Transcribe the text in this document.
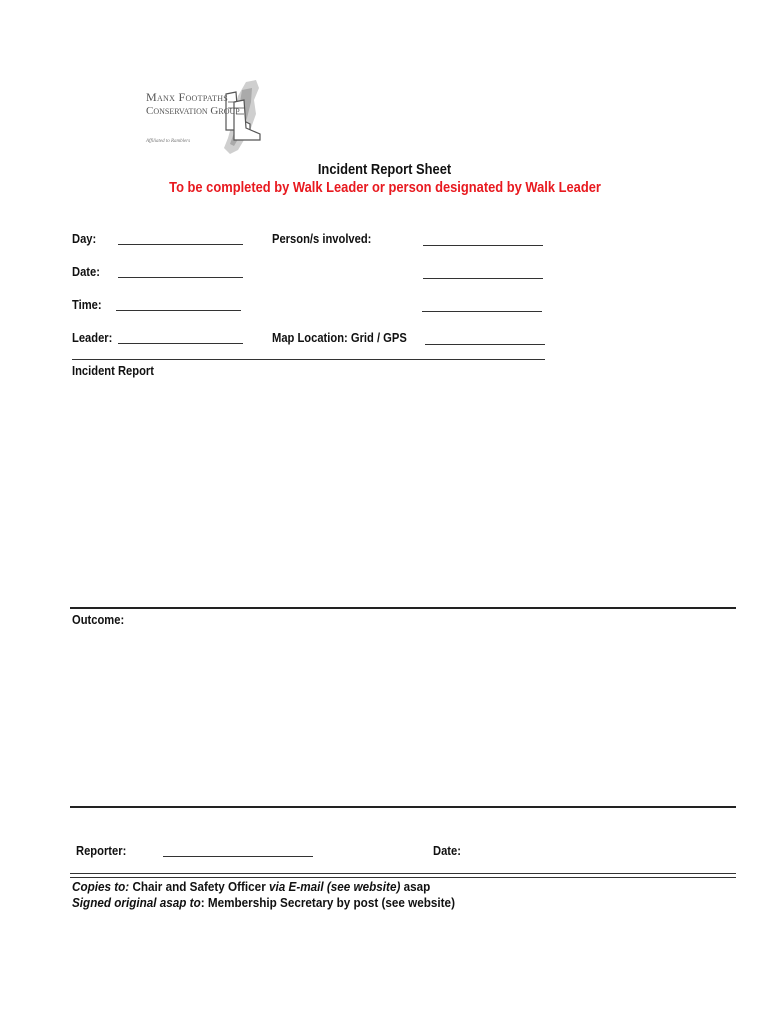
Manx Footpaths
Conservation Group
Affiliated to Ramblers
Incident Report Sheet
To be completed by Walk Leader or person designated by Walk Leader
Day:
Date:
Time:
Leader:
Person/s involved:
Map Location: Grid / GPS
Incident Report
Outcome:
Reporter:	Date:
Copies to: Chair and Safety Officer via E-mail (see website) asap
Signed original asap to: Membership Secretary by post (see website)
